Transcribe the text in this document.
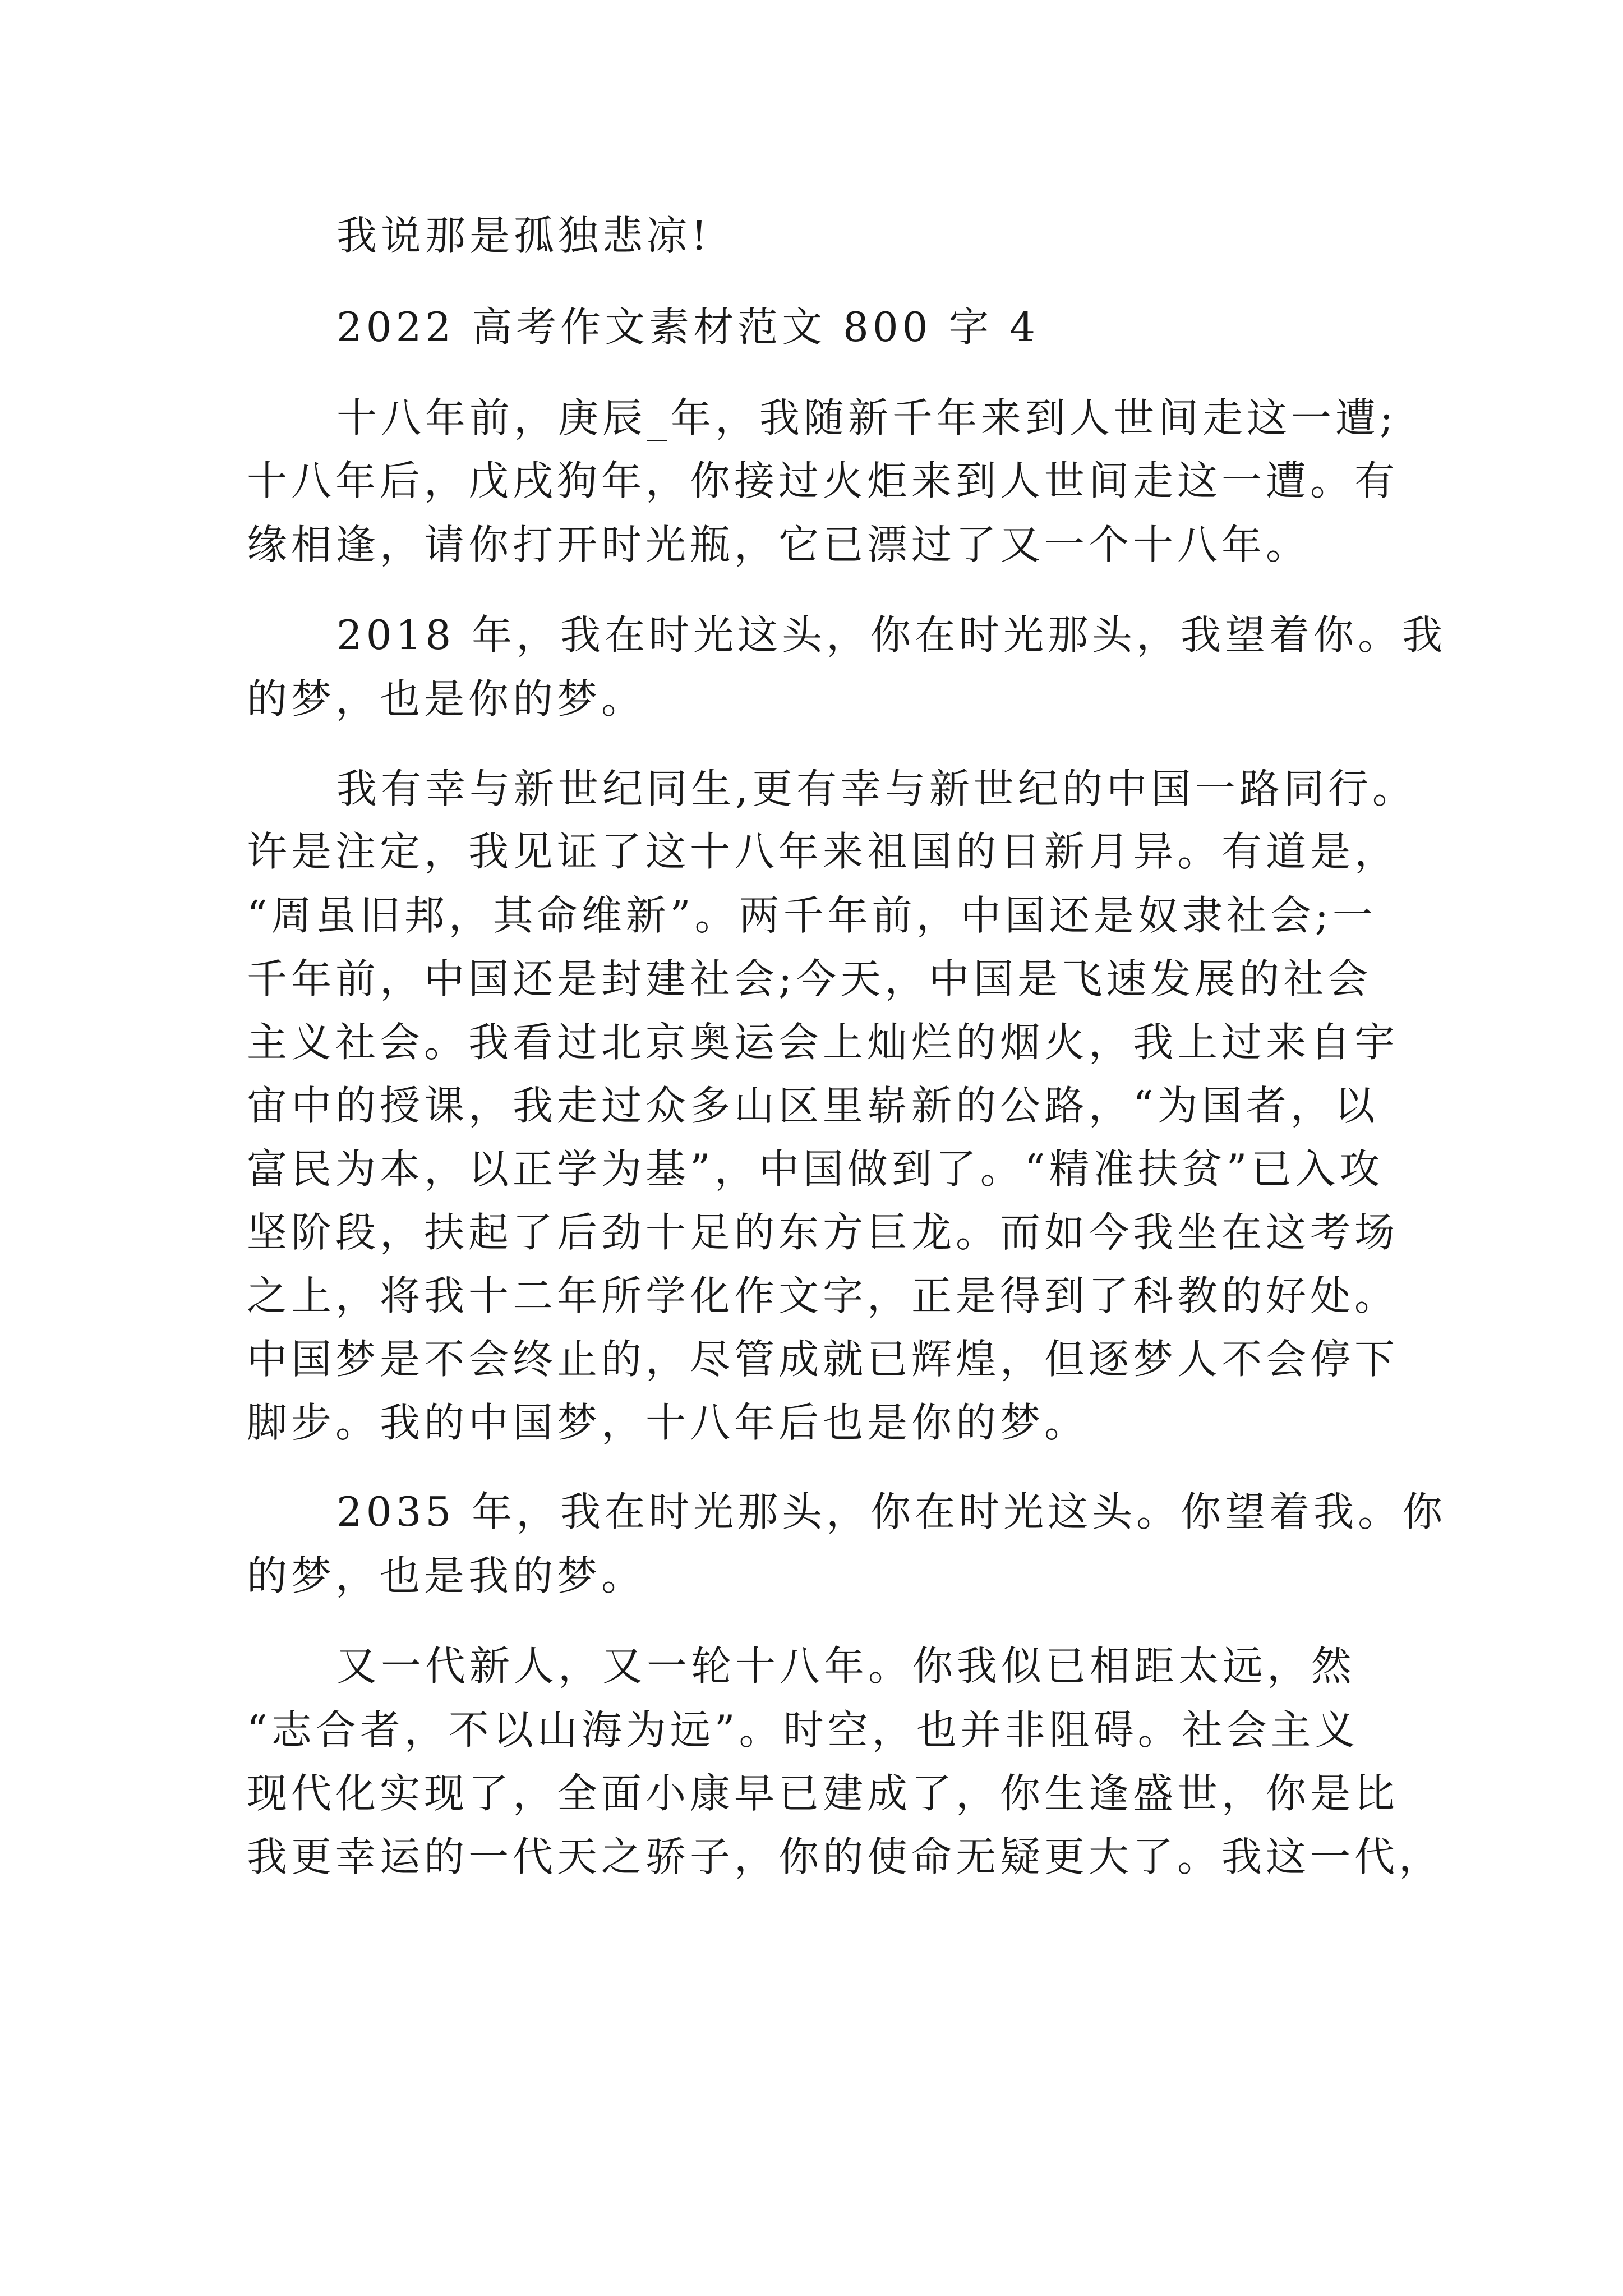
我说那是孤独悲凉!
2022 高考作文素材范文 800 字 4
十八年前，庚辰_年，我随新千年来到人世间走这一遭;
十八年后，戊戌狗年，你接过火炬来到人世间走这一遭。有
缘相逢，请你打开时光瓶，它已漂过了又一个十八年。
2018 年，我在时光这头，你在时光那头，我望着你。我
的梦，也是你的梦。
我有幸与新世纪同生,更有幸与新世纪的中国一路同行。
许是注定，我见证了这十八年来祖国的日新月异。有道是，
“周虽旧邦，其命维新”。两千年前，中国还是奴隶社会;一
千年前，中国还是封建社会;今天，中国是飞速发展的社会
主义社会。我看过北京奥运会上灿烂的烟火，我上过来自宇
宙中的授课，我走过众多山区里崭新的公路，“为国者，以
富民为本，以正学为基”，中国做到了。“精准扶贫”已入攻
坚阶段，扶起了后劲十足的东方巨龙。而如今我坐在这考场
之上，将我十二年所学化作文字，正是得到了科教的好处。
中国梦是不会终止的，尽管成就已辉煌，但逐梦人不会停下
脚步。我的中国梦，十八年后也是你的梦。
2035 年，我在时光那头，你在时光这头。你望着我。你
的梦，也是我的梦。
又一代新人，又一轮十八年。你我似已相距太远，然
“志合者，不以山海为远”。时空，也并非阻碍。社会主义
现代化实现了，全面小康早已建成了，你生逢盛世，你是比
我更幸运的一代天之骄子，你的使命无疑更大了。我这一代，
